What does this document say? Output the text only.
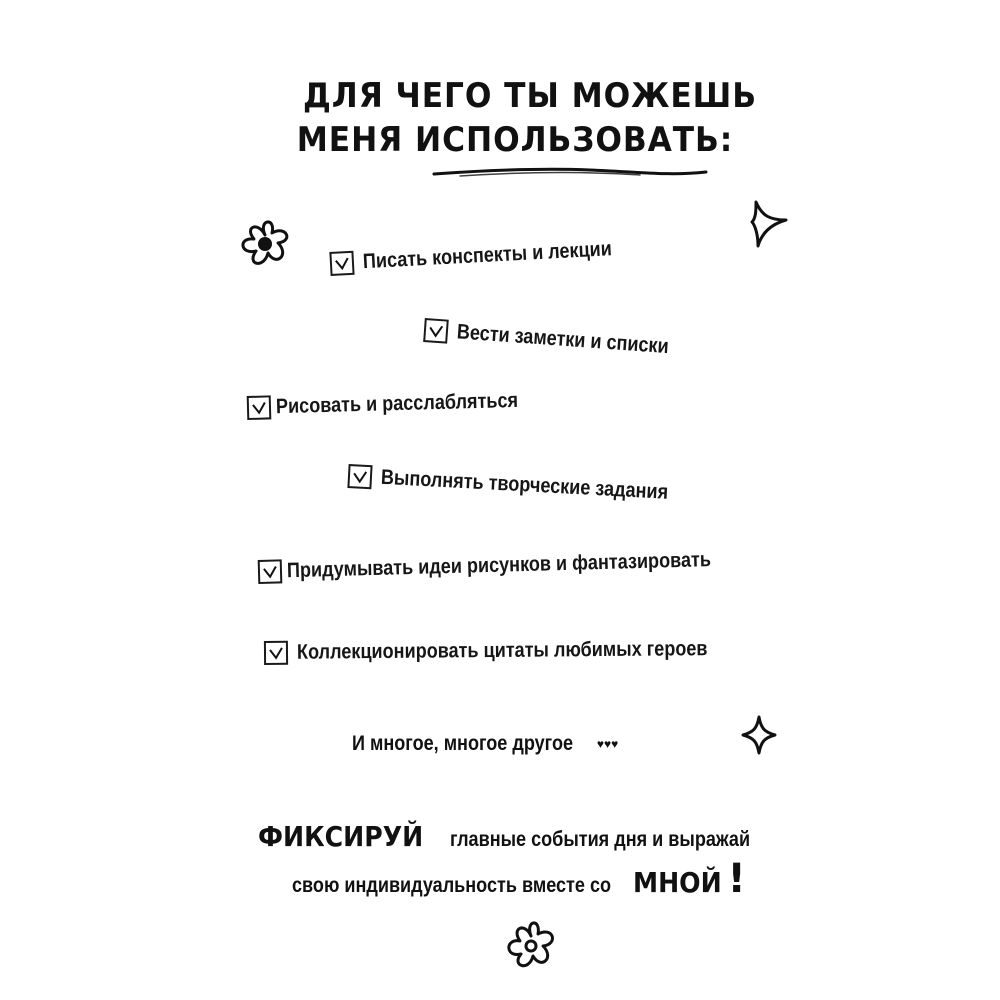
ДЛЯ ЧЕГО ТЫ МОЖЕШЬ
МЕНЯ ИСПОЛЬЗОВАТЬ:
Писать конспекты и лекции
Вести заметки и списки
Рисовать и расслабляться
Выполнять творческие задания
Придумывать идеи рисунков и фантазировать
Коллекционировать цитаты любимых героев
И многое, многое другое ♥♥♥
ФИКСИРУЙ главные события дня и выражай
свою индивидуальность вместе со МНОЙ !
